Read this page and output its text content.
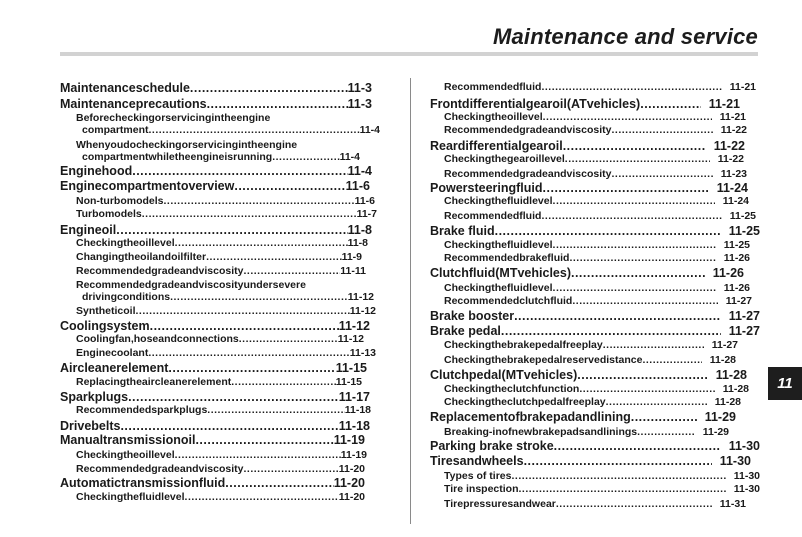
Maintenance and service
11
Maintenanceschedule .....	11-3
Maintenanceprecautions .....	11-3
Beforecheckingorservicingintheengine
compartment .....	11-4
Whenyoudocheckingorservicingintheengine
compartmentwhiletheengineisrunning .....	11-4
Enginehood .....	11-4
Enginecompartmentoverview .....	11-6
Non-turbomodels .....	11-6
Turbomodels .....	11-7
Engineoil .....	11-8
Checkingtheoillevel .....	11-8
Changingtheoilandoilfilter .....	11-9
Recommendedgradeandviscosity .....	11-11
Recommendedgradeandviscosityundersevere
drivingconditions .....	11-12
Syntheticoil .....	11-12
Coolingsystem .....	11-12
Coolingfan,hoseandconnections .....	11-12
Enginecoolant .....	11-13
Aircleanerelement .....	11-15
Replacingtheaircleanerelement .....	11-15
Sparkplugs .....	11-17
Recommendedsparkplugs .....	11-18
Drivebelts .....	11-18
Manualtransmissionoil .....	11-19
Checkingtheoillevel .....	11-19
Recommendedgradeandviscosity .....	11-20
Automatictransmissionfluid .....	11-20
Checkingthefluidlevel .....	11-20
Recommendedfluid .....	11-21
Frontdifferentialgearoil(ATvehicles) .....	11-21
Checkingtheoillevel .....	11-21
Recommendedgradeandviscosity .....	11-22
Reardifferentialgearoil .....	11-22
Checkingthegearoillevel .....	11-22
Recommendedgradeandviscosity .....	11-23
Powersteeringfluid .....	11-24
Checkingthefluidlevel .....	11-24
Recommendedfluid .....	11-25
Brake fluid .....	11-25
Checkingthefluidlevel .....	11-25
Recommendedbrakefluid .....	11-26
Clutchfluid(MTvehicles) .....	11-26
Checkingthefluidlevel .....	11-26
Recommendedclutchfluid .....	11-27
Brake booster .....	11-27
Brake pedal .....	11-27
Checkingthebrakepedalfreeplay .....	11-27
Checkingthebrakepedalreservedistance .....	11-28
Clutchpedal(MTvehicles) .....	11-28
Checkingtheclutchfunction .....	11-28
Checkingtheclutchpedalfreeplay .....	11-28
Replacementofbrakepadandlining .....	11-29
Breaking-inofnewbrakepadsandlinings .....	11-29
Parking brake stroke .....	11-30
Tiresandwheels .....	11-30
Types of tires .....	11-30
Tire inspection .....	11-30
Tirepressuresandwear .....	11-31
